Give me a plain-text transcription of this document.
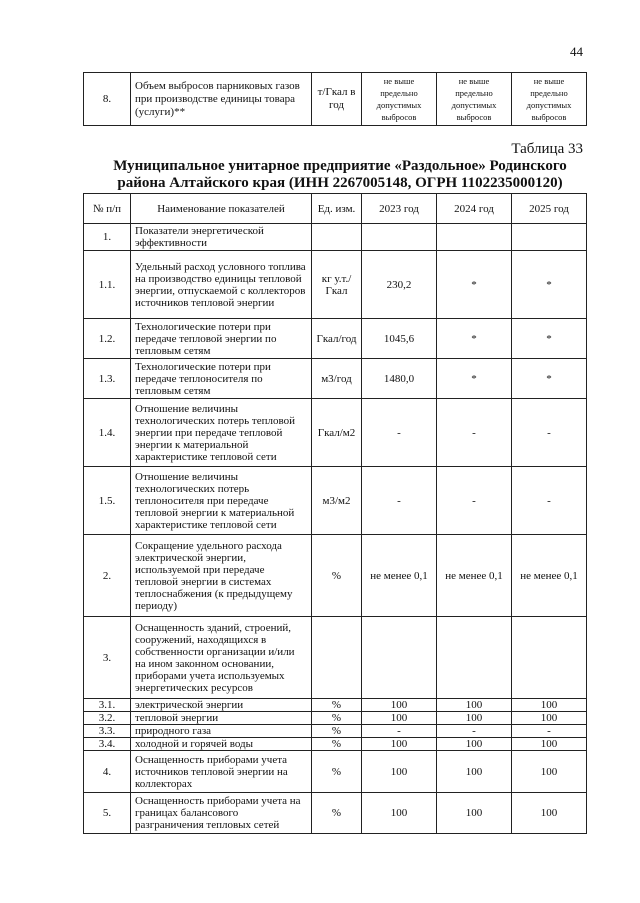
44
8.	Объем выбросов парниковых газов при производстве единицы товара (услуги)**	т/Гкал в год	не выше предельно допустимых выбросов	не выше предельно допустимых выбросов	не выше предельно допустимых выбросов
Таблица 33
Муниципальное унитарное предприятие «Раздольное» Родинского района Алтайского края (ИНН 2267005148, ОГРН 1102235000120)
№ п/п	Наименование показателей	Ед. изм.	2023 год	2024 год	2025 год
1.	Показатели энергетической эффективности				
1.1.	Удельный расход условного топлива на производство единицы тепловой энергии, отпускаемой с коллекторов источников тепловой энергии	кг у.т./Гкал	230,2	*	*
1.2.	Технологические потери при передаче тепловой энергии по тепловым сетям	Гкал/год	1045,6	*	*
1.3.	Технологические потери при передаче теплоносителя по тепловым сетям	м3/год	1480,0	*	*
1.4.	Отношение величины технологических потерь тепловой энергии при передаче тепловой энергии к материальной характеристике тепловой сети	Гкал/м2	-	-	-
1.5.	Отношение величины технологических потерь теплоносителя при передаче тепловой энергии к материальной характеристике тепловой сети	м3/м2	-	-	-
2.	Сокращение удельного расхода электрической энергии, используемой при передаче тепловой энергии в системах теплоснабжения (к предыдущему периоду)	%	не менее 0,1	не менее 0,1	не менее 0,1
3.	Оснащенность зданий, строений, сооружений, находящихся в собственности организации и/или на ином законном основании, приборами учета используемых энергетических ресурсов				
3.1.	электрической энергии	%	100	100	100
3.2.	тепловой энергии	%	100	100	100
3.3.	природного газа	%	-	-	-
3.4.	холодной и горячей воды	%	100	100	100
4.	Оснащенность приборами учета источников тепловой энергии на коллекторах	%	100	100	100
5.	Оснащенность приборами учета на границах балансового разграничения тепловых сетей	%	100	100	100
